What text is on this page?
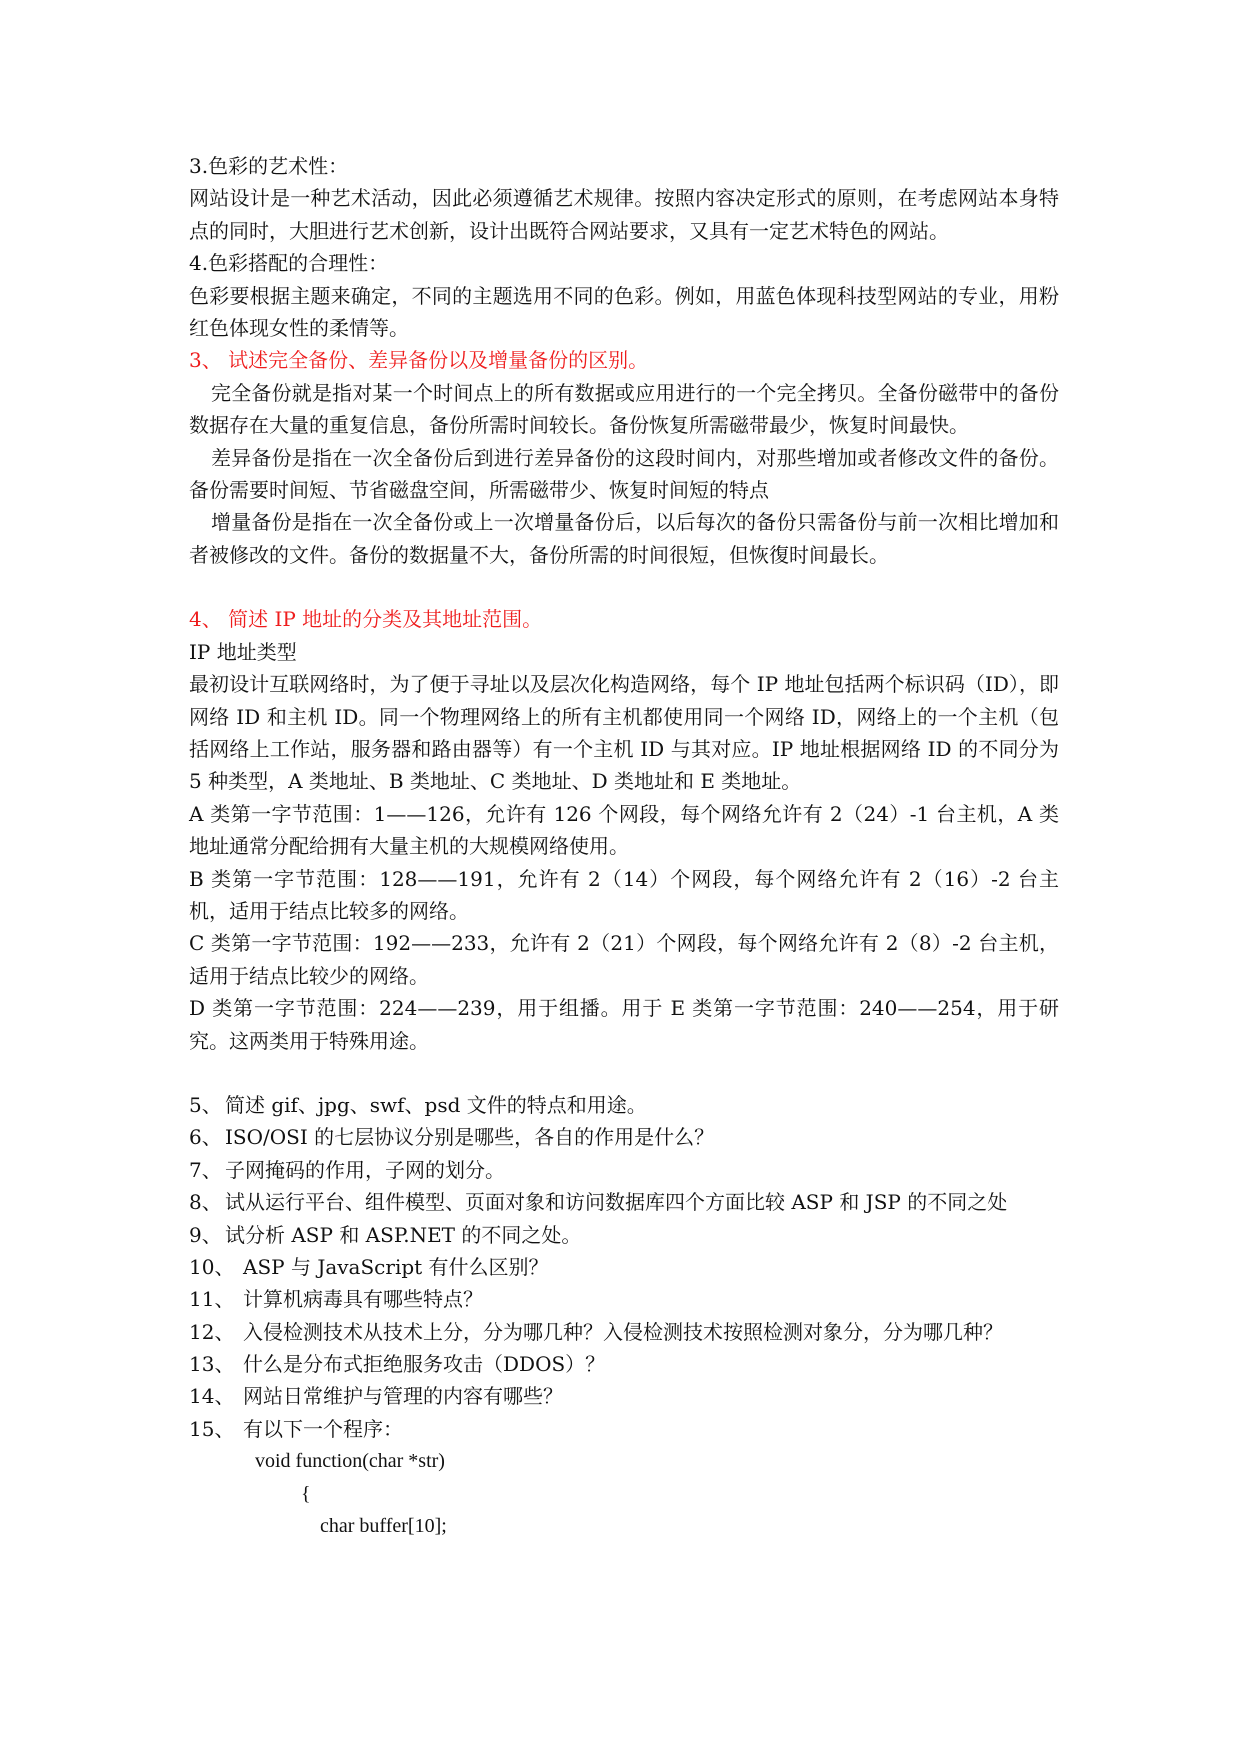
3.色彩的艺术性：
网站设计是一种艺术活动，因此必须遵循艺术规律。按照内容决定形式的原则，在考虑网站本身特点的同时，大胆进行艺术创新，设计出既符合网站要求，又具有一定艺术特色的网站。
4.色彩搭配的合理性：
色彩要根据主题来确定，不同的主题选用不同的色彩。例如，用蓝色体现科技型网站的专业，用粉红色体现女性的柔情等。
3、 试述完全备份、差异备份以及增量备份的区别。
完全备份就是指对某一个时间点上的所有数据或应用进行的一个完全拷贝。全备份磁带中的备份数据存在大量的重复信息，备份所需时间较长。备份恢复所需磁带最少，恢复时间最快。
差异备份是指在一次全备份后到进行差异备份的这段时间内，对那些增加或者修改文件的备份。备份需要时间短、节省磁盘空间，所需磁带少、恢复时间短的特点
增量备份是指在一次全备份或上一次增量备份后，以后每次的备份只需备份与前一次相比增加和者被修改的文件。备份的数据量不大，备份所需的时间很短，但恢復时间最长。
4、 简述 IP 地址的分类及其地址范围。
IP 地址类型
最初设计互联网络时，为了便于寻址以及层次化构造网络，每个 IP 地址包括两个标识码（ID），即网络 ID 和主机 ID。同一个物理网络上的所有主机都使用同一个网络 ID，网络上的一个主机（包括网络上工作站，服务器和路由器等）有一个主机 ID 与其对应。IP 地址根据网络 ID 的不同分为 5 种类型，A 类地址、B 类地址、C 类地址、D 类地址和 E 类地址。
A 类第一字节范围：1——126，允许有 126 个网段，每个网络允许有 2（24）-1 台主机，A 类地址通常分配给拥有大量主机的大规模网络使用。
B 类第一字节范围：128——191，允许有 2（14）个网段，每个网络允许有 2（16）-2 台主机，适用于结点比较多的网络。
C 类第一字节范围：192——233，允许有 2（21）个网段，每个网络允许有 2（8）-2 台主机，适用于结点比较少的网络。
D 类第一字节范围：224——239，用于组播。用于 E 类第一字节范围：240——254，用于研究。这两类用于特殊用途。
5、 简述 gif、jpg、swf、psd 文件的特点和用途。
6、 ISO/OSI 的七层协议分别是哪些，各自的作用是什么？
7、 子网掩码的作用，子网的划分。
8、 试从运行平台、组件模型、页面对象和访问数据库四个方面比较 ASP 和 JSP 的不同之处
9、 试分析 ASP 和 ASP.NET 的不同之处。
10、 ASP 与 JavaScript 有什么区别？
11、 计算机病毒具有哪些特点？
12、 入侵检测技术从技术上分，分为哪几种？入侵检测技术按照检测对象分，分为哪几种？
13、 什么是分布式拒绝服务攻击（DDOS）？
14、 网站日常维护与管理的内容有哪些？
15、 有以下一个程序：
void function(char *str)
{
char buffer[10];
